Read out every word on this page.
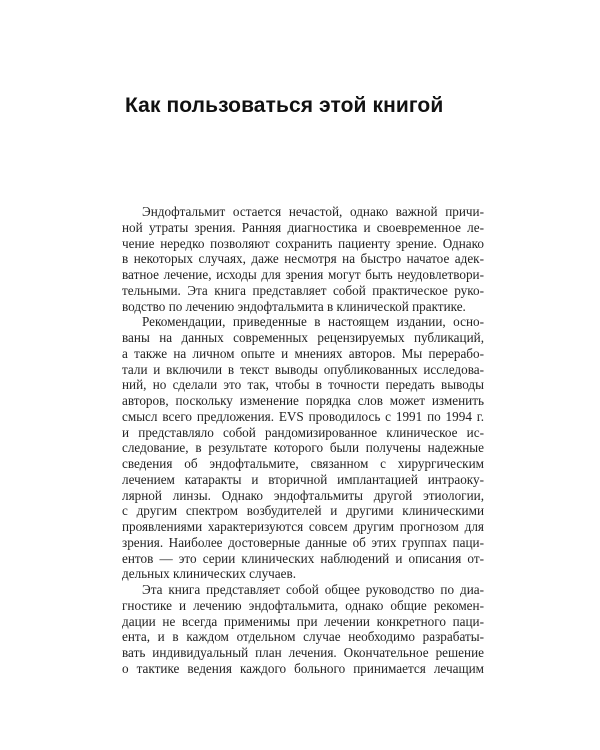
Как пользоваться этой книгой
Эндофтальмит остается нечастой, однако важной причи-
ной утраты зрения. Ранняя диагностика и своевременное ле-
чение нередко позволяют сохранить пациенту зрение. Однако
в некоторых случаях, даже несмотря на быстро начатое адек-
ватное лечение, исходы для зрения могут быть неудовлетвори-
тельными. Эта книга представляет собой практическое руко-
водство по лечению эндофтальмита в клинической практике.
Рекомендации, приведенные в настоящем издании, осно-
ваны на данных современных рецензируемых публикаций,
а также на личном опыте и мнениях авторов. Мы перерабо-
тали и включили в текст выводы опубликованных исследова-
ний, но сделали это так, чтобы в точности передать выводы
авторов, поскольку изменение порядка слов может изменить
смысл всего предложения. EVS проводилось с 1991 по 1994 г.
и представляло собой рандомизированное клиническое ис-
следование, в результате которого были получены надежные
сведения об эндофтальмите, связанном с хирургическим
лечением катаракты и вторичной имплантацией интраоку-
лярной линзы. Однако эндофтальмиты другой этиологии,
с другим спектром возбудителей и другими клиническими
проявлениями характеризуются совсем другим прогнозом для
зрения. Наиболее достоверные данные об этих группах паци-
ентов — это серии клинических наблюдений и описания от-
дельных клинических случаев.
Эта книга представляет собой общее руководство по диа-
гностике и лечению эндофтальмита, однако общие рекомен-
дации не всегда применимы при лечении конкретного паци-
ента, и в каждом отдельном случае необходимо разрабаты-
вать индивидуальный план лечения. Окончательное решение
о тактике ведения каждого больного принимается лечащим
